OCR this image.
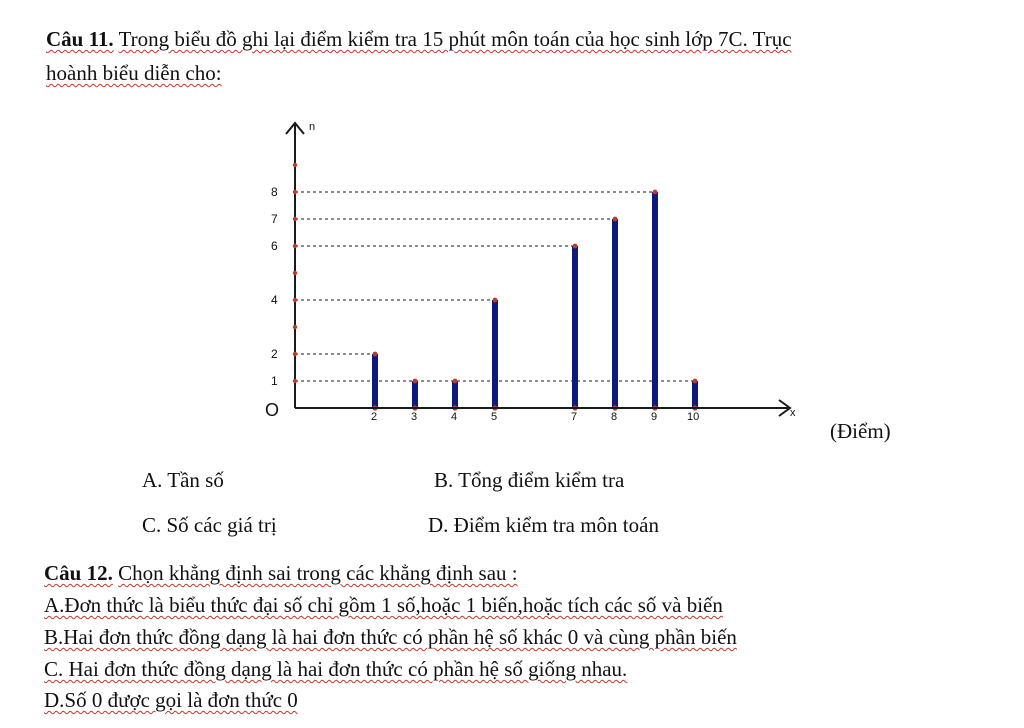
Câu 11. Trong biểu đồ ghi lại điểm kiểm tra 15 phút môn toán của học sinh lớp 7C. Trục
hoành biểu diễn cho:
n
x
O
1
2
4
6
7
8
2	3	4	5	7	8	9	10
(Điểm)
A. Tần số	B. Tổng điểm kiểm tra
C. Số các giá trị	D. Điểm kiểm tra môn toán
Câu 12. Chọn khẳng định sai trong các khẳng định sau :
A.Đơn thức là biểu thức đại số chỉ gồm 1 số,hoặc 1 biến,hoặc tích các số và biến
B.Hai đơn thức đồng dạng là hai đơn thức có phần hệ số khác 0 và cùng phần biến
C. Hai đơn thức đồng dạng là hai đơn thức có phần hệ số giống nhau.
D.Số 0 được gọi là đơn thức 0
